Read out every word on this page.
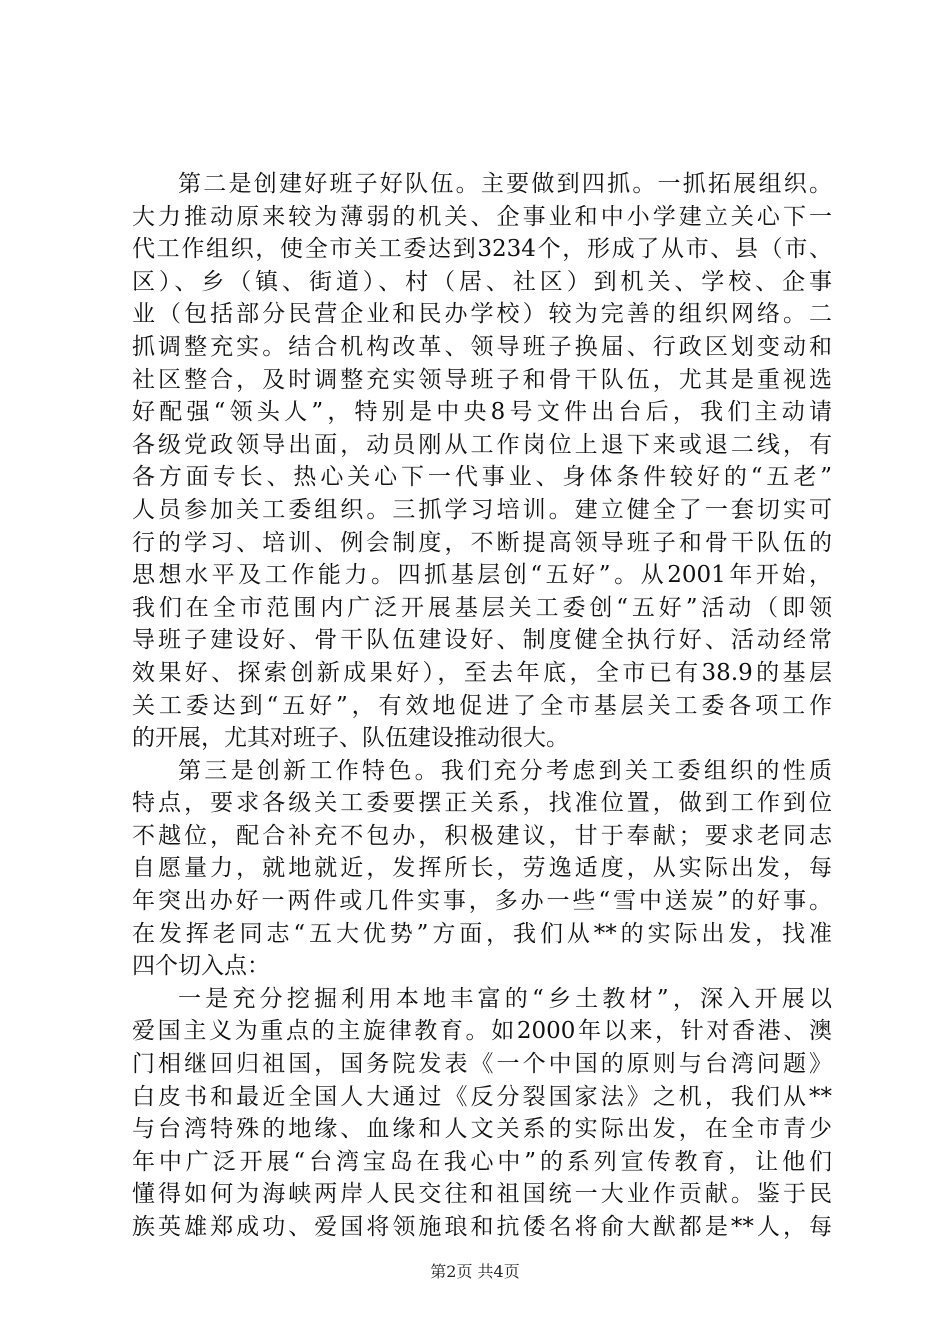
第二是创建好班子好队伍。主要做到四抓。一抓拓展组织。
大力推动原来较为薄弱的机关、企事业和中小学建立关心下一
代工作组织，使全市关工委达到3234个，形成了从市、县（市、
区）、乡（镇、街道）、村（居、社区）到机关、学校、企事
业（包括部分民营企业和民办学校）较为完善的组织网络。二
抓调整充实。结合机构改革、领导班子换届、行政区划变动和
社区整合，及时调整充实领导班子和骨干队伍，尤其是重视选
好配强“领头人”，特别是中央8号文件出台后，我们主动请
各级党政领导出面，动员刚从工作岗位上退下来或退二线，有
各方面专长、热心关心下一代事业、身体条件较好的“五老”
人员参加关工委组织。三抓学习培训。建立健全了一套切实可
行的学习、培训、例会制度，不断提高领导班子和骨干队伍的
思想水平及工作能力。四抓基层创“五好”。从2001年开始，
我们在全市范围内广泛开展基层关工委创“五好”活动（即领
导班子建设好、骨干队伍建设好、制度健全执行好、活动经常
效果好、探索创新成果好），至去年底，全市已有38.9的基层
关工委达到“五好”，有效地促进了全市基层关工委各项工作
的开展，尤其对班子、队伍建设推动很大。
第三是创新工作特色。我们充分考虑到关工委组织的性质
特点，要求各级关工委要摆正关系，找准位置，做到工作到位
不越位，配合补充不包办，积极建议，甘于奉献；要求老同志
自愿量力，就地就近，发挥所长，劳逸适度，从实际出发，每
年突出办好一两件或几件实事，多办一些“雪中送炭”的好事。
在发挥老同志“五大优势”方面，我们从**的实际出发，找准
四个切入点：
一是充分挖掘利用本地丰富的“乡土教材”，深入开展以
爱国主义为重点的主旋律教育。如2000年以来，针对香港、澳
门相继回归祖国，国务院发表《一个中国的原则与台湾问题》
白皮书和最近全国人大通过《反分裂国家法》之机，我们从**
与台湾特殊的地缘、血缘和人文关系的实际出发，在全市青少
年中广泛开展“台湾宝岛在我心中”的系列宣传教育，让他们
懂得如何为海峡两岸人民交往和祖国统一大业作贡献。鉴于民
族英雄郑成功、爱国将领施琅和抗倭名将俞大猷都是**人，每
第2页 共4页
